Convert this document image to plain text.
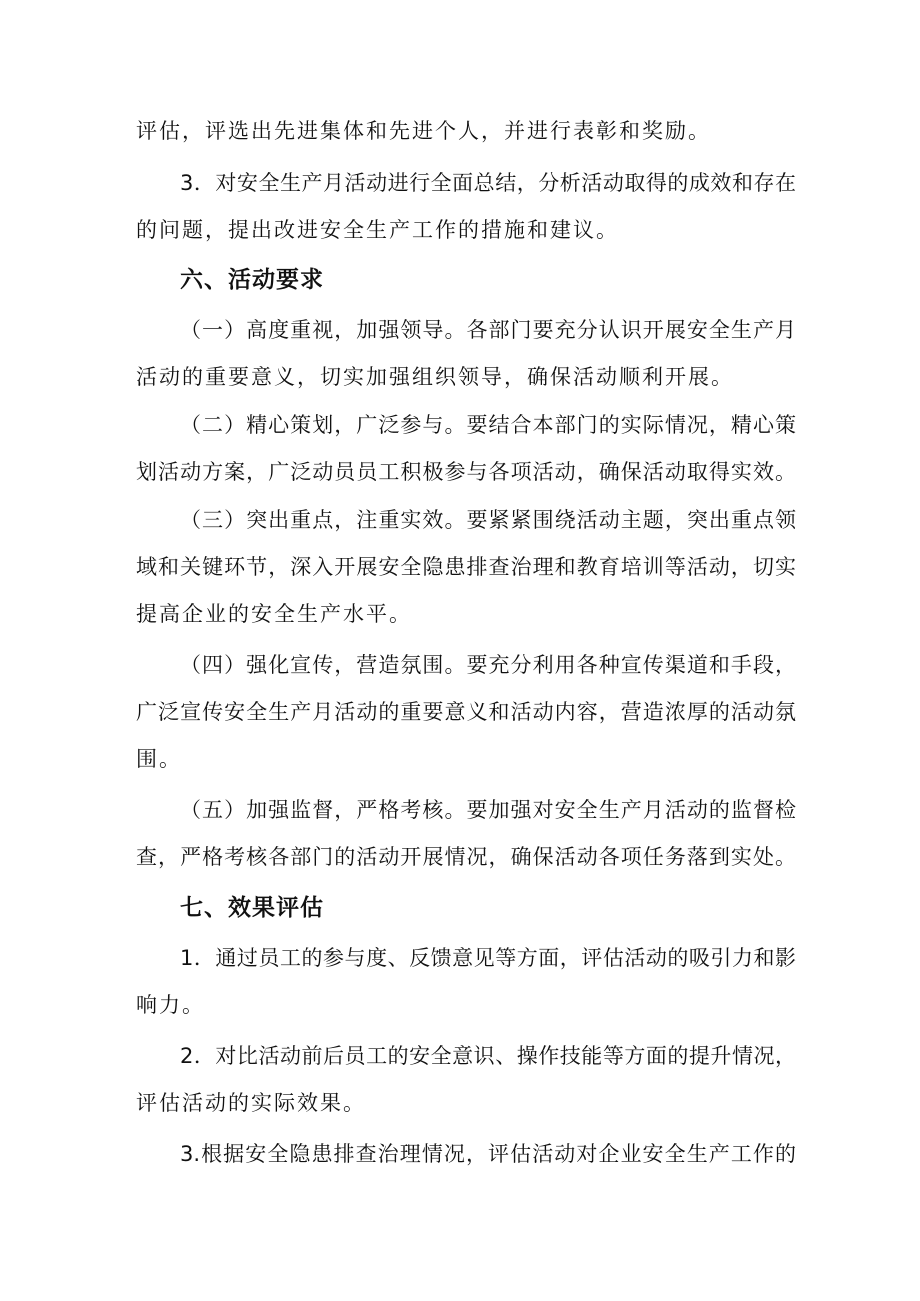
评估，评选出先进集体和先进个人，并进行表彰和奖励。
3．对安全生产月活动进行全面总结，分析活动取得的成效和存在
的问题，提出改进安全生产工作的措施和建议。
六、活动要求
（一）高度重视，加强领导。各部门要充分认识开展安全生产月
活动的重要意义，切实加强组织领导，确保活动顺利开展。
（二）精心策划，广泛参与。要结合本部门的实际情况，精心策
划活动方案，广泛动员员工积极参与各项活动，确保活动取得实效。
（三）突出重点，注重实效。要紧紧围绕活动主题，突出重点领
域和关键环节，深入开展安全隐患排查治理和教育培训等活动，切实
提高企业的安全生产水平。
（四）强化宣传，营造氛围。要充分利用各种宣传渠道和手段，
广泛宣传安全生产月活动的重要意义和活动内容，营造浓厚的活动氛
围。
（五）加强监督，严格考核。要加强对安全生产月活动的监督检
查，严格考核各部门的活动开展情况，确保活动各项任务落到实处。
七、效果评估
1．通过员工的参与度、反馈意见等方面，评估活动的吸引力和影
响力。
2．对比活动前后员工的安全意识、操作技能等方面的提升情况，
评估活动的实际效果。
3.根据安全隐患排查治理情况，评估活动对企业安全生产工作的
